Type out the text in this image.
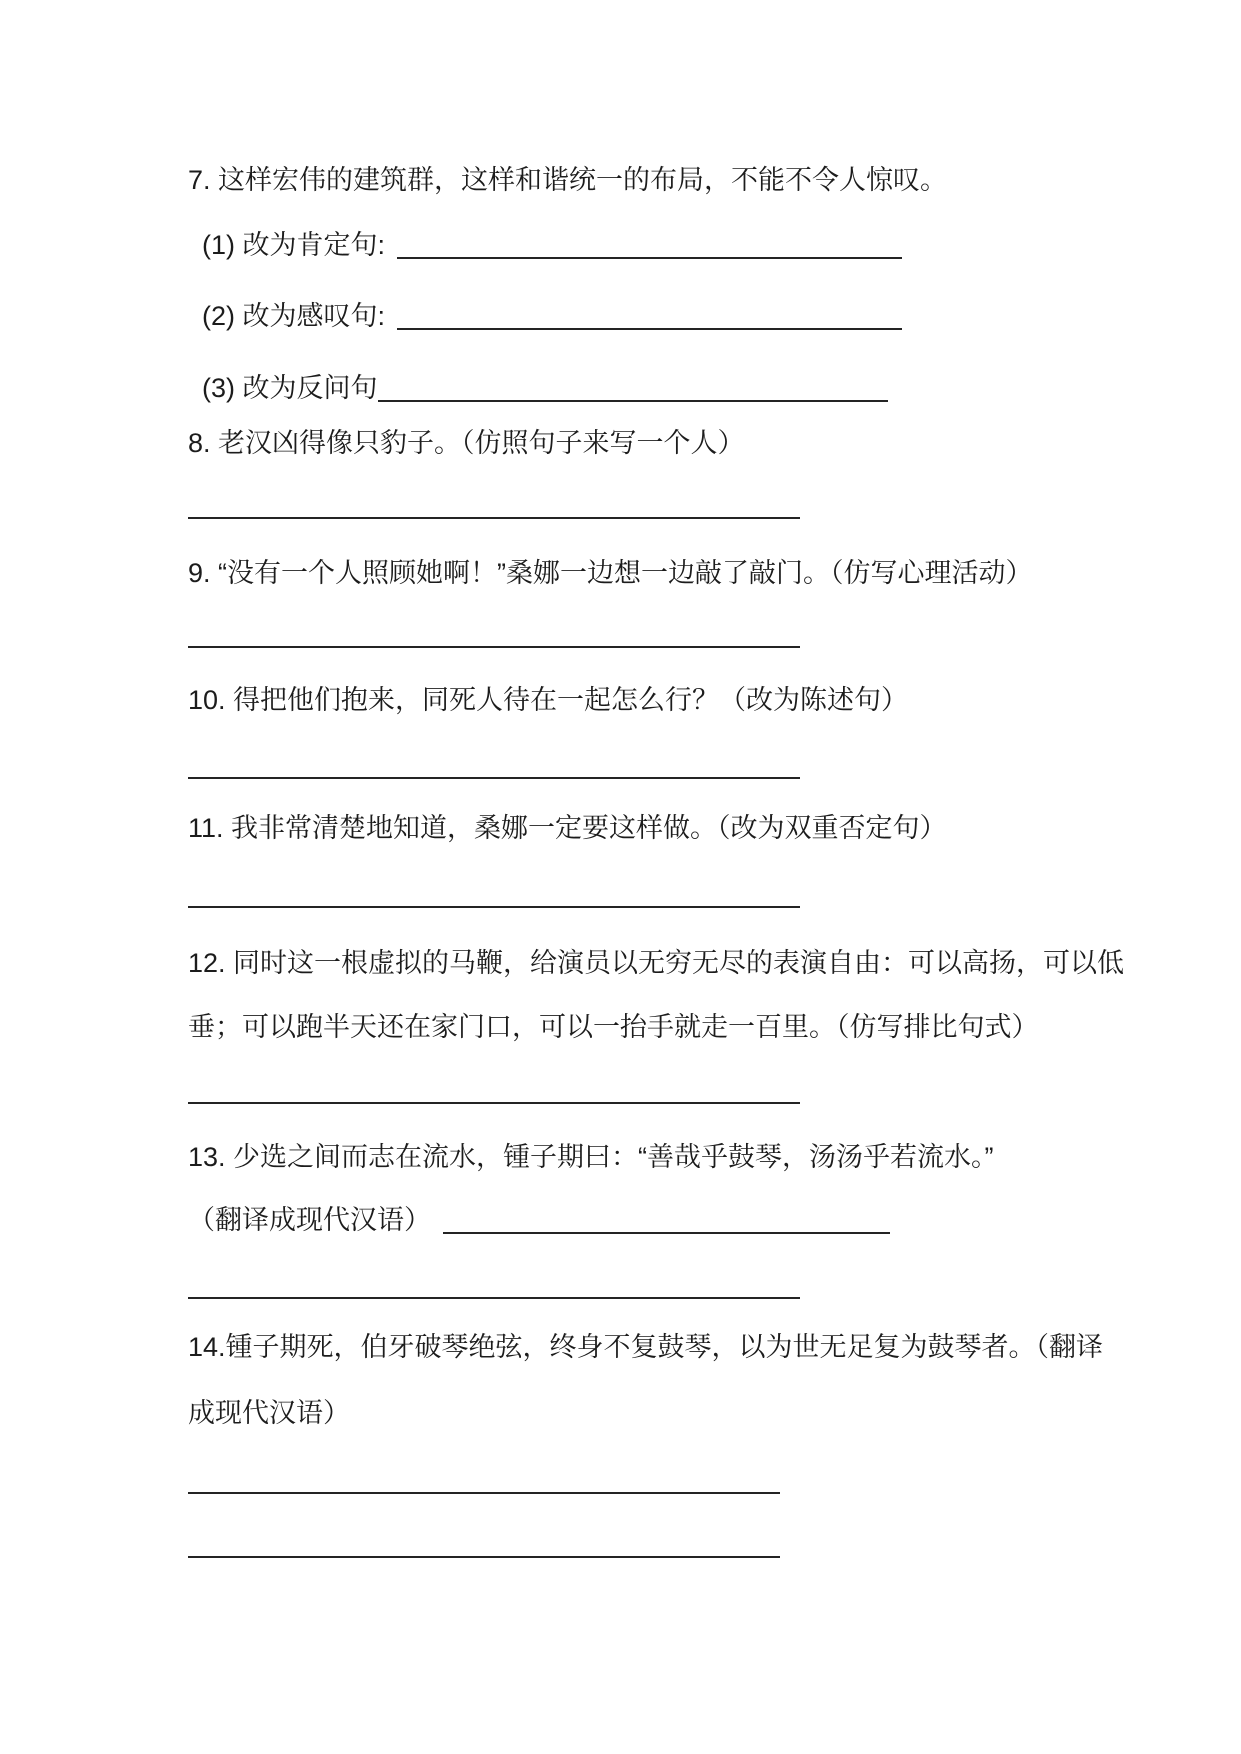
7. 这样宏伟的建筑群，这样和谐统一的布局，不能不令人惊叹。
(1) 改为肯定句:
(2) 改为感叹句:
(3) 改为反问句
8. 老汉凶得像只豹子。（仿照句子来写一个人）
9. “没有一个人照顾她啊！”桑娜一边想一边敲了敲门。（仿写心理活动）
10. 得把他们抱来，同死人待在一起怎么行？（改为陈述句）
11. 我非常清楚地知道，桑娜一定要这样做。（改为双重否定句）
12. 同时这一根虚拟的马鞭，给演员以无穷无尽的表演自由：可以高扬，可以低
垂；可以跑半天还在家门口，可以一抬手就走一百里。（仿写排比句式）
13. 少选之间而志在流水，锺子期曰：“善哉乎鼓琴，汤汤乎若流水。”
（翻译成现代汉语）
14.锺子期死，伯牙破琴绝弦，终身不复鼓琴，以为世无足复为鼓琴者。（翻译
成现代汉语）
